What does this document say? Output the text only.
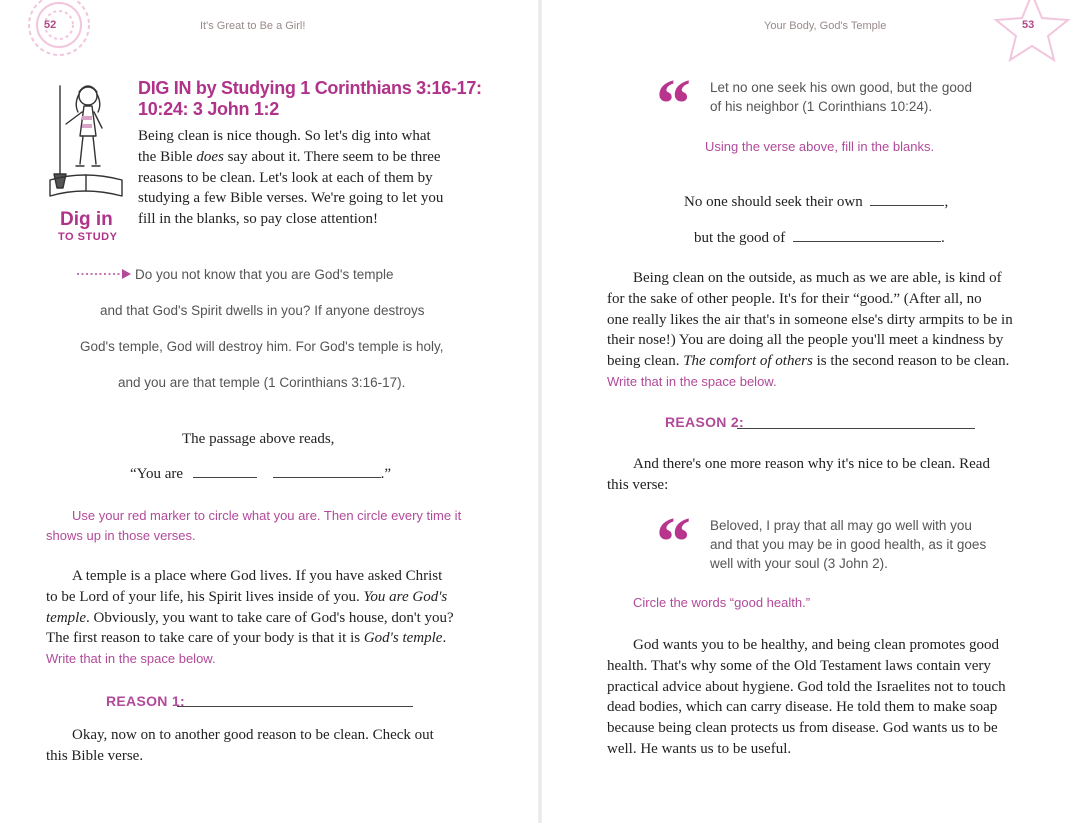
52	It's Great to Be a Girl!
Dig in
TO STUDY
DIG IN by Studying 1 Corinthians 3:16-17:
10:24: 3 John 1:2
Being clean is nice though. So let's dig into what
the Bible does say about it. There seem to be three
reasons to be clean. Let's look at each of them by
studying a few Bible verses. We're going to let you
fill in the blanks, so pay close attention!
Do you not know that you are God's temple
and that God's Spirit dwells in you? If anyone destroys
God's temple, God will destroy him. For God's temple is holy,
and you are that temple (1 Corinthians 3:16-17).
The passage above reads,
“You are	.”
Use your red marker to circle what you are. Then circle every time it
shows up in those verses.
A temple is a place where God lives. If you have asked Christ
to be Lord of your life, his Spirit lives inside of you. You are God's
temple. Obviously, you want to take care of God's house, don't you?
The first reason to take care of your body is that it is God's temple.
Write that in the space below.
REASON 1:
Okay, now on to another good reason to be clean. Check out
this Bible verse.
Your Body, God's Temple	53
“ Let no one seek his own good, but the good
of his neighbor (1 Corinthians 10:24).
Using the verse above, fill in the blanks.
No one should seek their own	,
but the good of	.
Being clean on the outside, as much as we are able, is kind of
for the sake of other people. It's for their “good.” (After all, no
one really likes the air that's in someone else's dirty armpits to be in
their nose!) You are doing all the people you'll meet a kindness by
being clean. The comfort of others is the second reason to be clean.
Write that in the space below.
REASON 2:
And there's one more reason why it's nice to be clean. Read
this verse:
“ Beloved, I pray that all may go well with you
and that you may be in good health, as it goes
well with your soul (3 John 2).
Circle the words “good health.”
God wants you to be healthy, and being clean promotes good
health. That's why some of the Old Testament laws contain very
practical advice about hygiene. God told the Israelites not to touch
dead bodies, which can carry disease. He told them to make soap
because being clean protects us from disease. God wants us to be
well. He wants us to be useful.
